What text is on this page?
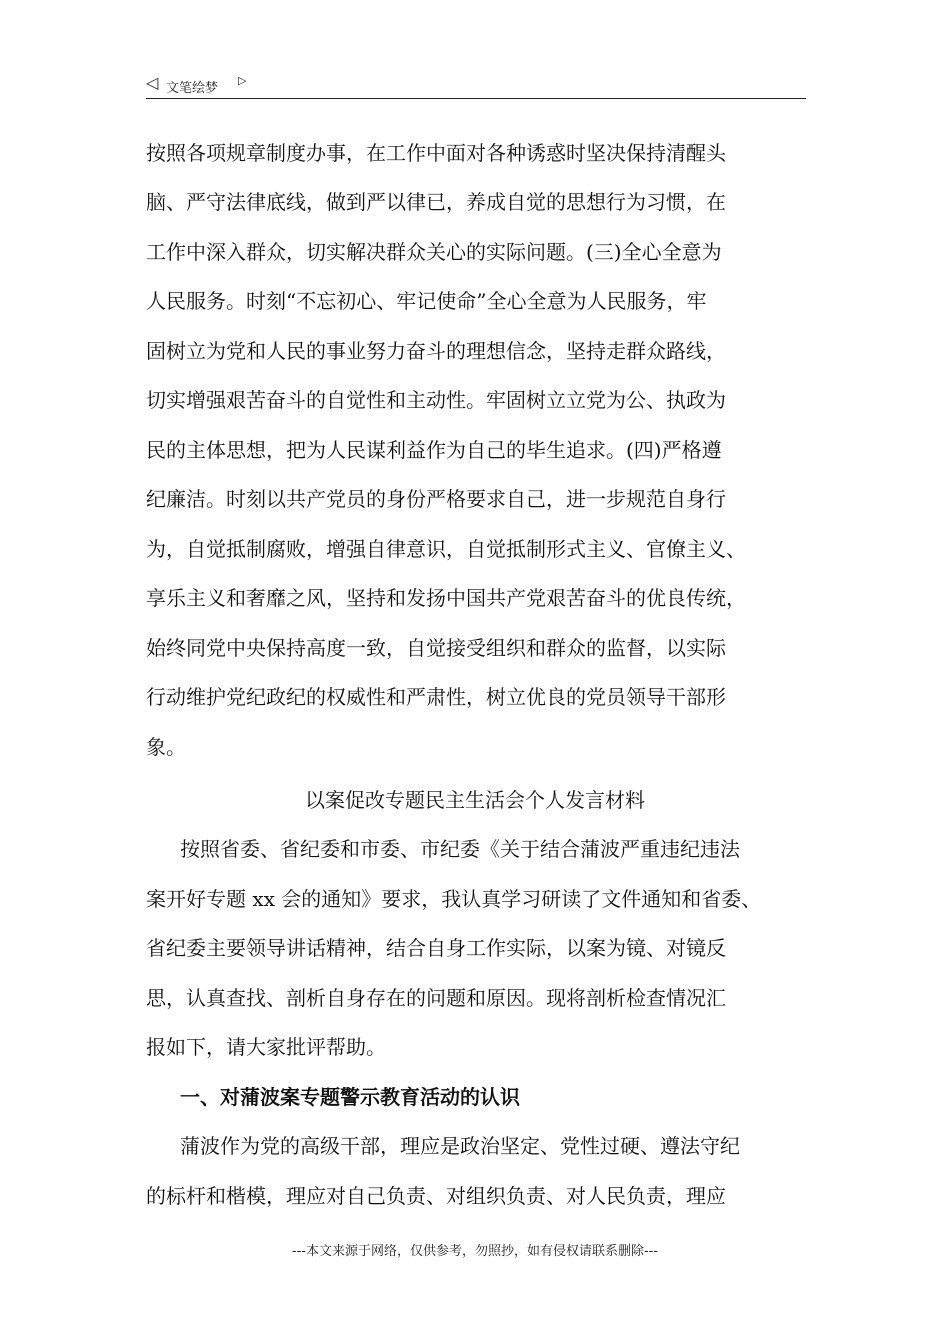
◁ 文笔绘梦
▷
按照各项规章制度办事，在工作中面对各种诱惑时坚决保持清醒头
脑、严守法律底线，做到严以律已，养成自觉的思想行为习惯，在
工作中深入群众，切实解决群众关心的实际问题。(三)全心全意为
人民服务。时刻“不忘初心、牢记使命”全心全意为人民服务，牢
固树立为党和人民的事业努力奋斗的理想信念，坚持走群众路线，
切实增强艰苦奋斗的自觉性和主动性。牢固树立立党为公、执政为
民的主体思想，把为人民谋利益作为自己的毕生追求。(四)严格遵
纪廉洁。时刻以共产党员的身份严格要求自己，进一步规范自身行
为，自觉抵制腐败，增强自律意识，自觉抵制形式主义、官僚主义、
享乐主义和奢靡之风，坚持和发扬中国共产党艰苦奋斗的优良传统，
始终同党中央保持高度一致，自觉接受组织和群众的监督，以实际
行动维护党纪政纪的权威性和严肃性，树立优良的党员领导干部形
象。
以案促改专题民主生活会个人发言材料
按照省委、省纪委和市委、市纪委《关于结合蒲波严重违纪违法
案开好专题 xx 会的通知》要求，我认真学习研读了文件通知和省委、
省纪委主要领导讲话精神，结合自身工作实际，以案为镜、对镜反
思，认真查找、剖析自身存在的问题和原因。现将剖析检查情况汇
报如下，请大家批评帮助。
一、对蒲波案专题警示教育活动的认识
蒲波作为党的高级干部，理应是政治坚定、党性过硬、遵法守纪
的标杆和楷模，理应对自己负责、对组织负责、对人民负责，理应
---本文来源于网络，仅供参考，勿照抄，如有侵权请联系删除---
